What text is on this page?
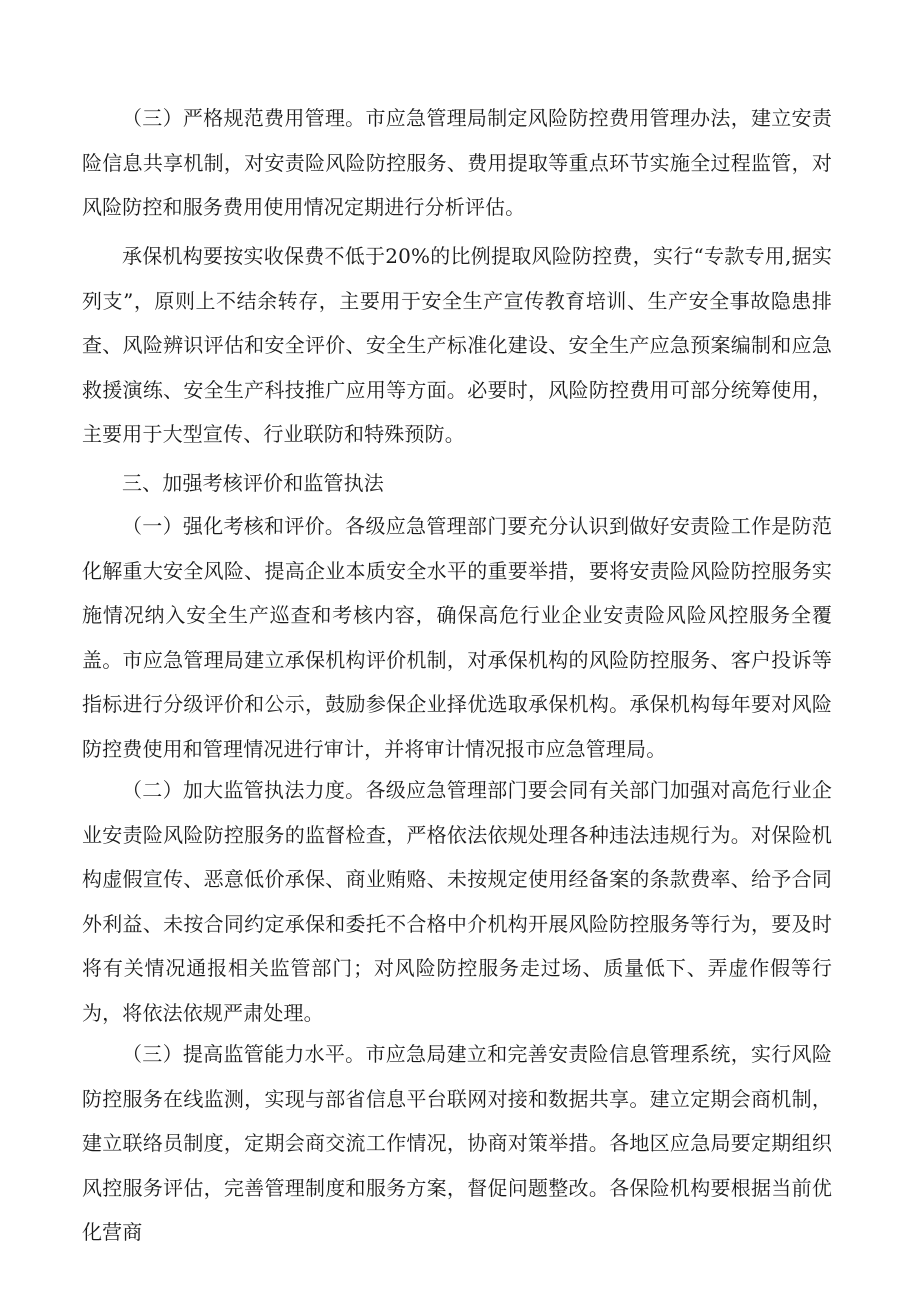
（三）严格规范费用管理。市应急管理局制定风险防控费用管理办法，建立安责险信息共享机制，对安责险风险防控服务、费用提取等重点环节实施全过程监管，对风险防控和服务费用使用情况定期进行分析评估。

承保机构要按实收保费不低于20%的比例提取风险防控费，实行“专款专用,据实列支”，原则上不结余转存，主要用于安全生产宣传教育培训、生产安全事故隐患排查、风险辨识评估和安全评价、安全生产标准化建设、安全生产应急预案编制和应急救援演练、安全生产科技推广应用等方面。必要时，风险防控费用可部分统筹使用，主要用于大型宣传、行业联防和特殊预防。

三、加强考核评价和监管执法

（一）强化考核和评价。各级应急管理部门要充分认识到做好安责险工作是防范化解重大安全风险、提高企业本质安全水平的重要举措，要将安责险风险防控服务实施情况纳入安全生产巡查和考核内容，确保高危行业企业安责险风险风控服务全覆盖。市应急管理局建立承保机构评价机制，对承保机构的风险防控服务、客户投诉等指标进行分级评价和公示，鼓励参保企业择优选取承保机构。承保机构每年要对风险防控费使用和管理情况进行审计，并将审计情况报市应急管理局。

（二）加大监管执法力度。各级应急管理部门要会同有关部门加强对高危行业企业安责险风险防控服务的监督检查，严格依法依规处理各种违法违规行为。对保险机构虚假宣传、恶意低价承保、商业贿赂、未按规定使用经备案的条款费率、给予合同外利益、未按合同约定承保和委托不合格中介机构开展风险防控服务等行为，要及时将有关情况通报相关监管部门；对风险防控服务走过场、质量低下、弄虚作假等行为，将依法依规严肃处理。

（三）提高监管能力水平。市应急局建立和完善安责险信息管理系统，实行风险防控服务在线监测，实现与部省信息平台联网对接和数据共享。建立定期会商机制，建立联络员制度，定期会商交流工作情况，协商对策举措。各地区应急局要定期组织风控服务评估，完善管理制度和服务方案，督促问题整改。各保险机构要根据当前优化营商
